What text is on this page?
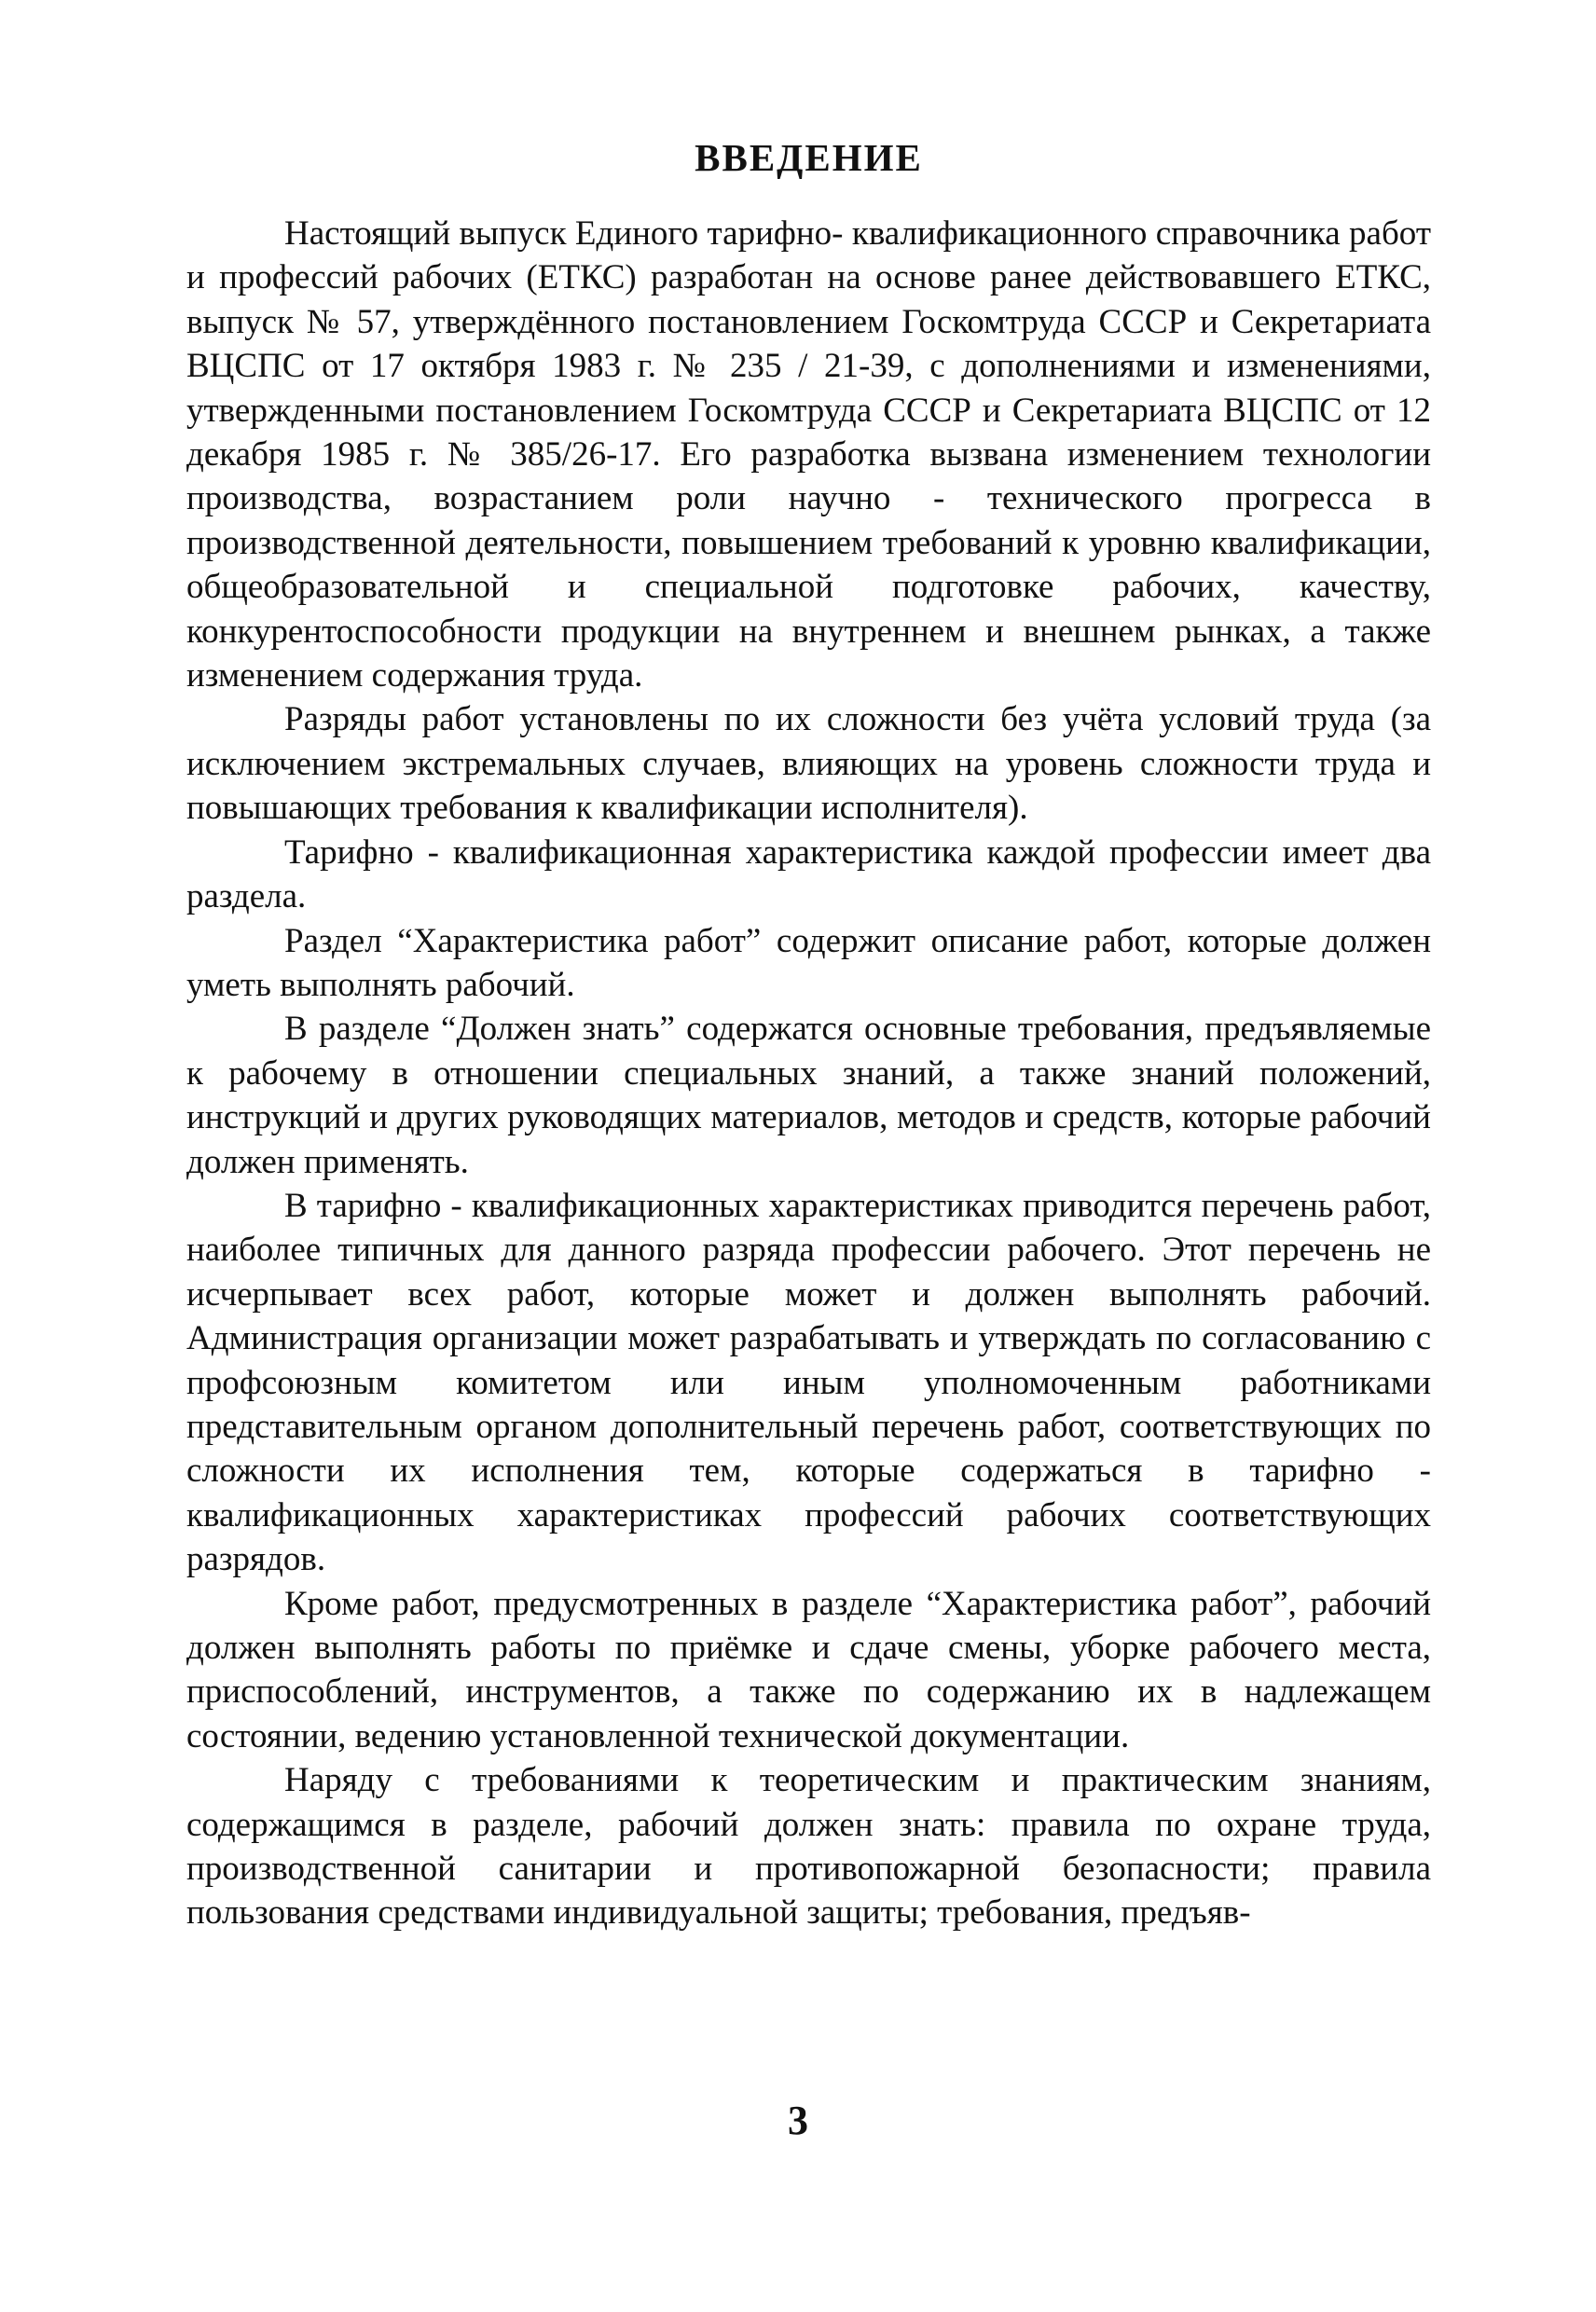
ВВЕДЕНИЕ

Настоящий выпуск Единого тарифно- квалификационного справочника работ и профессий рабочих (ЕТКС) разработан на основе ранее действовавшего ЕТКС, выпуск № 57, утверждённого постановлением Госкомтруда СССР и Секретариата ВЦСПС от 17 октября 1983 г. № 235 / 21-39, с дополнениями и изменениями, утвержденными постановлением Госкомтруда СССР и Секретариата ВЦСПС от 12 декабря 1985 г. № 385/26-17. Его разработка вызвана изменением технологии производства, возрастанием роли научно - технического прогресса в производственной деятельности, повышением требований к уровню квалификации, общеобразовательной и специальной подготовке рабочих, качеству, конкурентоспособности продукции на внутреннем и внешнем рынках, а также изменением содержания труда.

Разряды работ установлены по их сложности без учёта условий труда (за исключением экстремальных случаев, влияющих на уровень сложности труда и повышающих требования к квалификации исполнителя).

Тарифно - квалификационная характеристика каждой профессии имеет два раздела.

Раздел “Характеристика работ” содержит описание работ, которые должен уметь выполнять рабочий.

В разделе “Должен знать” содержатся основные требования, предъявляемые к рабочему в отношении специальных знаний, а также знаний положений, инструкций и других руководящих материалов, методов и средств, которые рабочий должен применять.

В тарифно - квалификационных характеристиках приводится перечень работ, наиболее типичных для данного разряда профессии рабочего. Этот перечень не исчерпывает всех работ, которые может и должен выполнять рабочий. Администрация организации может разрабатывать и утверждать по согласованию с профсоюзным комитетом или иным уполномоченным работниками представительным органом дополнительный перечень работ, соответствующих по сложности их исполнения тем, которые содержаться в тарифно - квалификационных характеристиках профессий рабочих соответствующих разрядов.

Кроме работ, предусмотренных в разделе “Характеристика работ”, рабочий должен выполнять работы по приёмке и сдаче смены, уборке рабочего места, приспособлений, инструментов, а также по содержанию их в надлежащем состоянии, ведению установленной технической документации.

Наряду с требованиями к теоретическим и практическим знаниям, содержащимся в разделе, рабочий должен знать: правила по охране труда, производственной санитарии и противопожарной безопасности; правила пользования средствами индивидуальной защиты; требования, предъяв-

3
